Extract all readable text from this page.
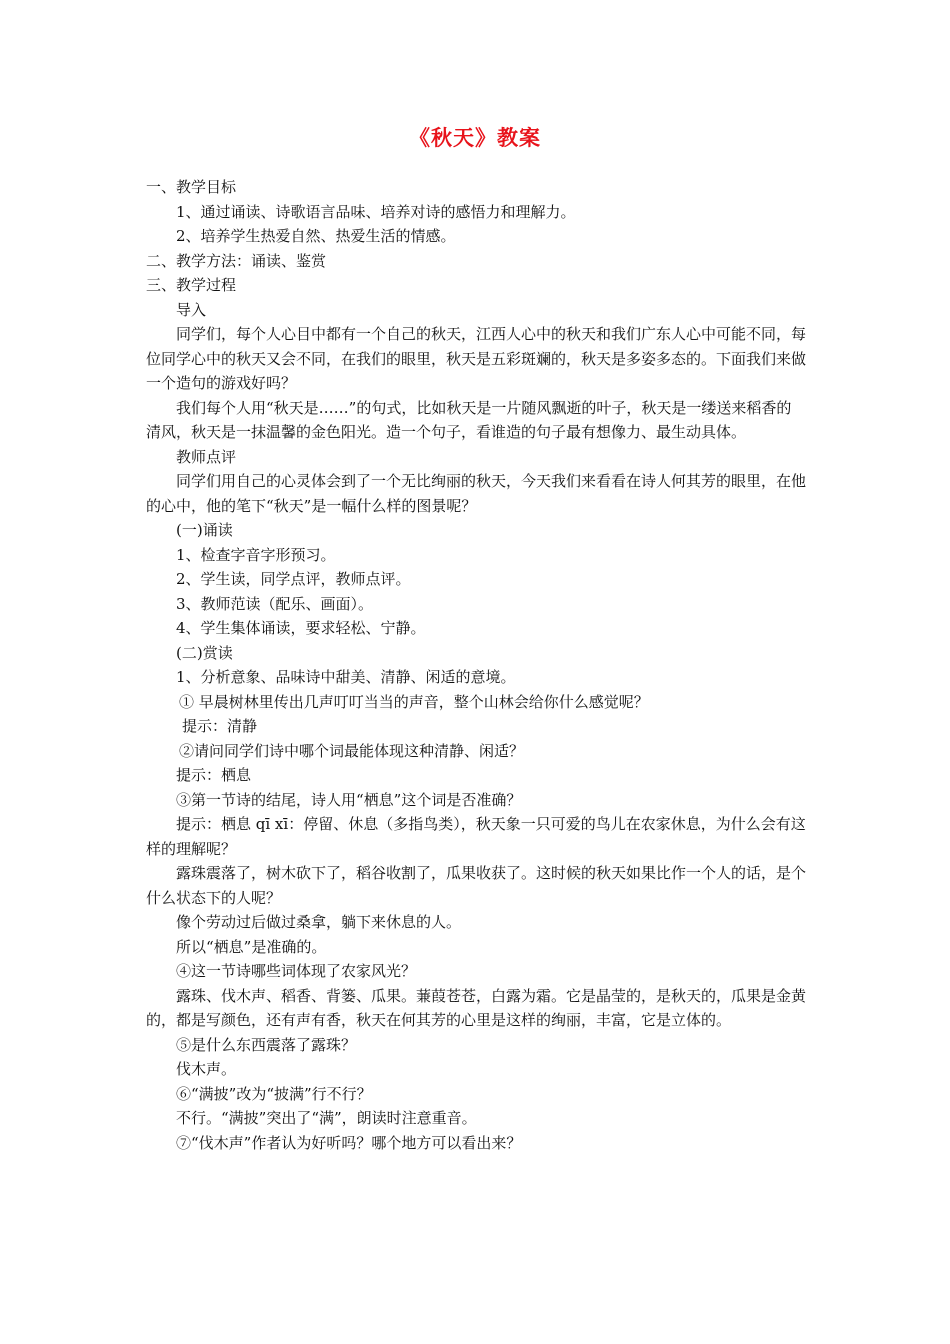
《秋天》教案

一、教学目标

1、通过诵读、诗歌语言品味、培养对诗的感悟力和理解力。

2、培养学生热爱自然、热爱生活的情感。

二、教学方法：诵读、鉴赏

三、教学过程

导入

同学们，每个人心目中都有一个自己的秋天，江西人心中的秋天和我们广东人心中可能不同，每位同学心中的秋天又会不同，在我们的眼里，秋天是五彩斑斓的，秋天是多姿多态的。下面我们来做一个造句的游戏好吗？

我们每个人用“秋天是……”的句式，比如秋天是一片随风飘逝的叶子，秋天是一缕送来稻香的清风，秋天是一抹温馨的金色阳光。造一个句子，看谁造的句子最有想像力、最生动具体。

教师点评

同学们用自己的心灵体会到了一个无比绚丽的秋天，今天我们来看看在诗人何其芳的眼里，在他的心中，他的笔下“秋天”是一幅什么样的图景呢？

(一)诵读

1、检查字音字形预习。

2、学生读，同学点评，教师点评。

3、教师范读（配乐、画面）。

4、学生集体诵读，要求轻松、宁静。

(二)赏读

1、分析意象、品味诗中甜美、清静、闲适的意境。

① 早晨树林里传出几声叮叮当当的声音，整个山林会给你什么感觉呢？

提示：清静

②请问同学们诗中哪个词最能体现这种清静、闲适？

提示：栖息

③第一节诗的结尾，诗人用“栖息”这个词是否准确？

提示：栖息 qī xī：停留、休息（多指鸟类），秋天象一只可爱的鸟儿在农家休息，为什么会有这样的理解呢？

露珠震落了，树木砍下了，稻谷收割了，瓜果收获了。这时候的秋天如果比作一个人的话，是个什么状态下的人呢？

像个劳动过后做过桑拿，躺下来休息的人。

所以“栖息”是准确的。

④这一节诗哪些词体现了农家风光？

露珠、伐木声、稻香、背篓、瓜果。蒹葭苍苍，白露为霜。它是晶莹的，是秋天的，瓜果是金黄的，都是写颜色，还有声有香，秋天在何其芳的心里是这样的绚丽，丰富，它是立体的。

⑤是什么东西震落了露珠？

伐木声。

⑥“满披”改为“披满”行不行？

不行。“满披”突出了“满”，朗读时注意重音。

⑦“伐木声”作者认为好听吗？哪个地方可以看出来？
